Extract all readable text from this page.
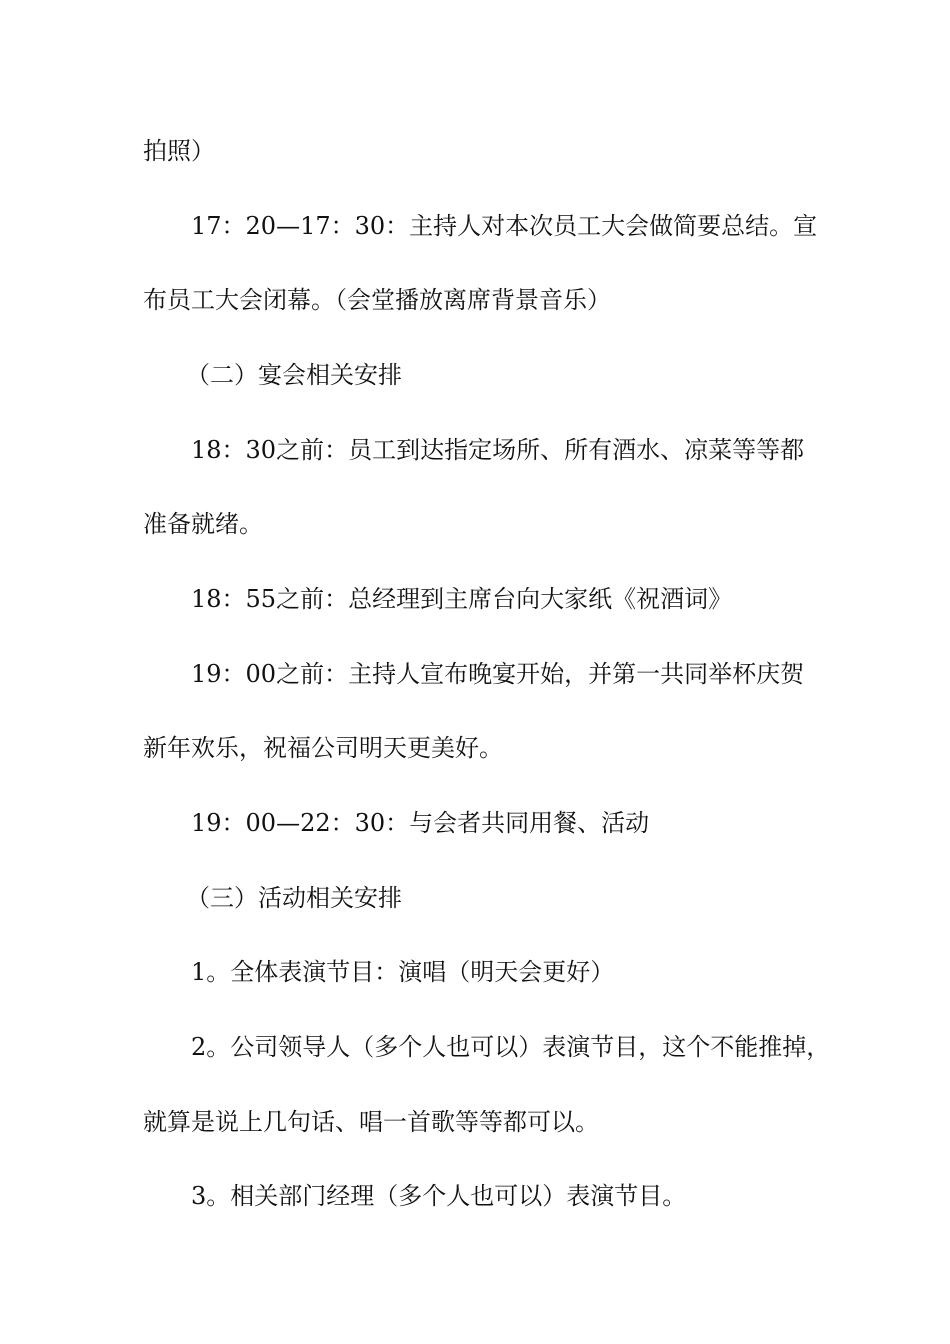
拍照）
17：20—17：30：主持人对本次员工大会做简要总结。宣
布员工大会闭幕。（会堂播放离席背景音乐）
（二）宴会相关安排
18：30之前：员工到达指定场所、所有酒水、凉菜等等都
准备就绪。
18：55之前：总经理到主席台向大家纸《祝酒词》
19：00之前：主持人宣布晚宴开始，并第一共同举杯庆贺
新年欢乐，祝福公司明天更美好。
19：00—22：30：与会者共同用餐、活动
（三）活动相关安排
1。全体表演节目：演唱（明天会更好）
2。公司领导人（多个人也可以）表演节目，这个不能推掉，
就算是说上几句话、唱一首歌等等都可以。
3。相关部门经理（多个人也可以）表演节目。
